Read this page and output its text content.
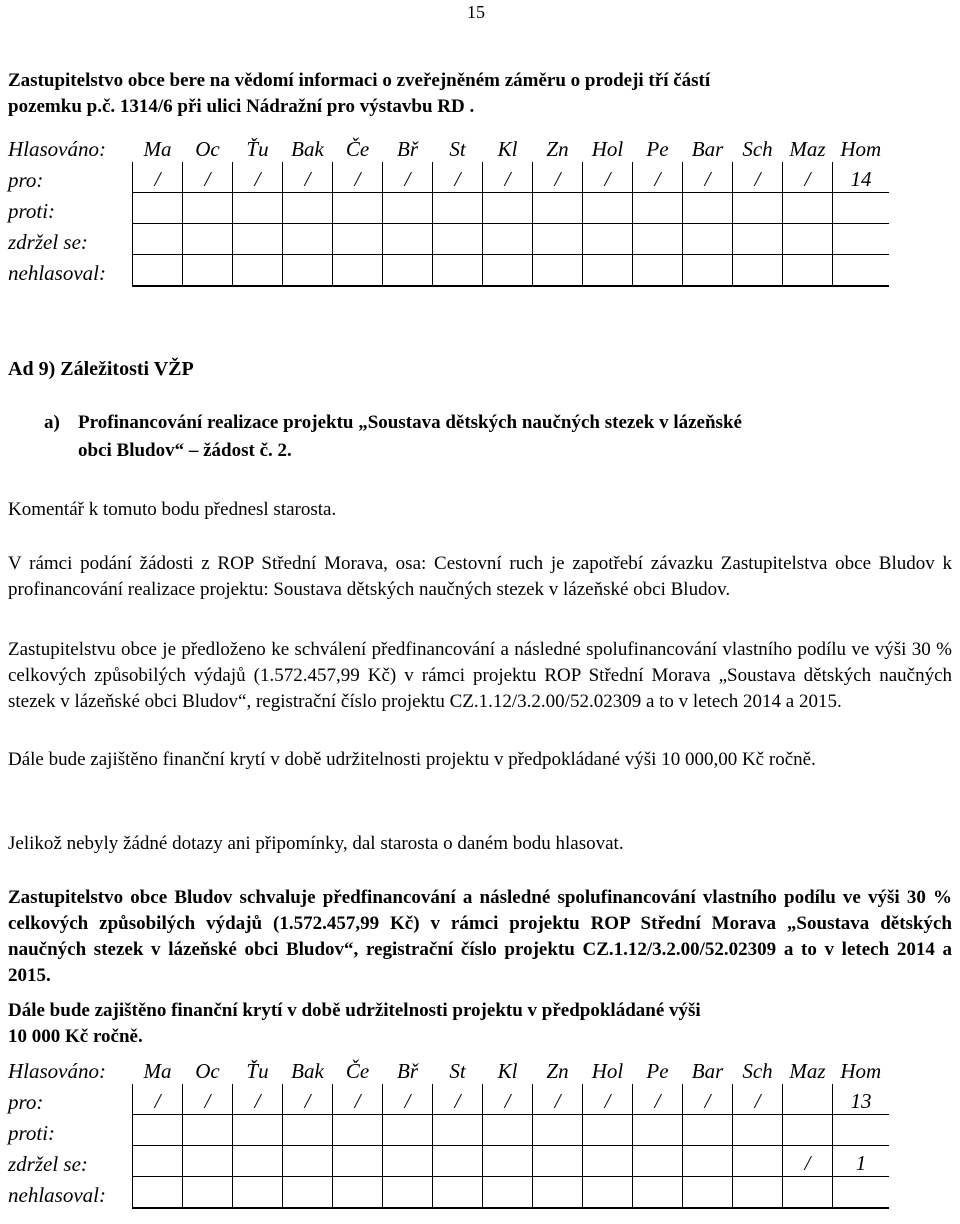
15

Zastupitelstvo obce bere na vědomí informaci o zveřejněném záměru o prodeji tří částí
pozemku p.č. 1314/6 při ulici Nádražní pro výstavbu RD .

Hlasováno:	Ma	Oc	Ťu	Bak	Če	Bř	St	Kl	Zn	Hol	Pe	Bar	Sch	Maz	Hom
pro:	/	/	/	/	/	/	/	/	/	/	/	/	/	/	14
proti:															
zdržel se:															
nehlasoval:															

Ad 9) Záležitosti VŽP

a) Profinancování realizace projektu „Soustava dětských naučných stezek v lázeňské
obci Bludov“ – žádost č. 2.

Komentář k tomuto bodu přednesl starosta.

V rámci podání žádosti z ROP Střední Morava, osa: Cestovní ruch je zapotřebí závazku Zastupitelstva obce Bludov k profinancování realizace projektu: Soustava dětských naučných stezek v lázeňské obci Bludov.

Zastupitelstvu obce je předloženo ke schválení předfinancování a následné spolufinancování vlastního podílu ve výši 30 % celkových způsobilých výdajů (1.572.457,99 Kč) v rámci projektu ROP Střední Morava „Soustava dětských naučných stezek v lázeňské obci Bludov“, registrační číslo projektu CZ.1.12/3.2.00/52.02309 a to v letech 2014 a 2015.

Dále bude zajištěno finanční krytí v době udržitelnosti projektu v předpokládané výši 10 000,00 Kč ročně.

Jelikož nebyly žádné dotazy ani připomínky, dal starosta o daném bodu hlasovat.

Zastupitelstvo obce Bludov schvaluje předfinancování a následné spolufinancování vlastního podílu ve výši 30 % celkových způsobilých výdajů (1.572.457,99 Kč) v rámci projektu ROP Střední Morava „Soustava dětských naučných stezek v lázeňské obci Bludov“, registrační číslo projektu CZ.1.12/3.2.00/52.02309 a to v letech 2014 a 2015.

Dále bude zajištěno finanční krytí v době udržitelnosti projektu v předpokládané výši
10 000 Kč ročně.

Hlasováno:	Ma	Oc	Ťu	Bak	Če	Bř	St	Kl	Zn	Hol	Pe	Bar	Sch	Maz	Hom
pro:	/	/	/	/	/	/	/	/	/	/	/	/	/		13
proti:															
zdržel se:														/	1
nehlasoval:															
